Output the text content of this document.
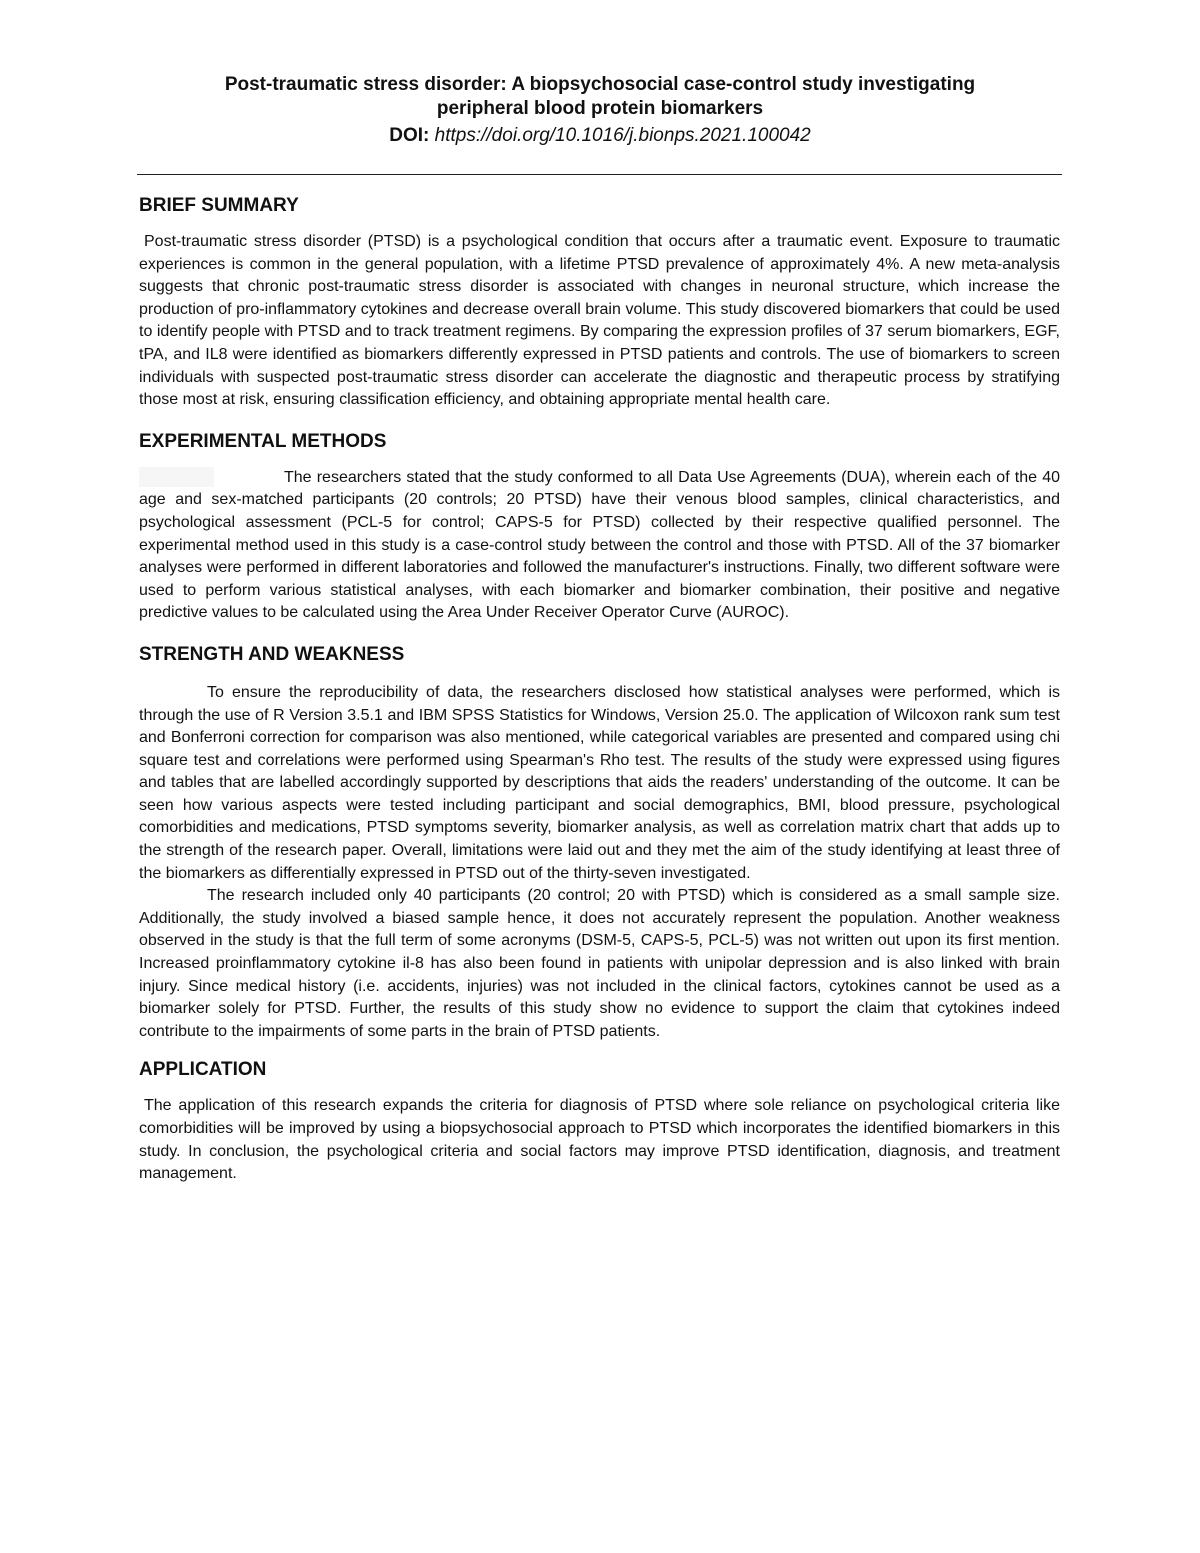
Post-traumatic stress disorder: A biopsychosocial case-control study investigating
peripheral blood protein biomarkers
DOI: https://doi.org/10.1016/j.bionps.2021.100042
BRIEF SUMMARY

Post-traumatic stress disorder (PTSD) is a psychological condition that occurs after a traumatic event. Exposure to traumatic experiences is common in the general population, with a lifetime PTSD prevalence of approximately 4%. A new meta-analysis suggests that chronic post-traumatic stress disorder is associated with changes in neuronal structure, which increase the production of pro-inflammatory cytokines and decrease overall brain volume. This study discovered biomarkers that could be used to identify people with PTSD and to track treatment regimens. By comparing the expression profiles of 37 serum biomarkers, EGF, tPA, and IL8 were identified as biomarkers differently expressed in PTSD patients and controls. The use of biomarkers to screen individuals with suspected post-traumatic stress disorder can accelerate the diagnostic and therapeutic process by stratifying those most at risk, ensuring classification efficiency, and obtaining appropriate mental health care.

EXPERIMENTAL METHODS

The researchers stated that the study conformed to all Data Use Agreements (DUA), wherein each of the 40 age and sex-matched participants (20 controls; 20 PTSD) have their venous blood samples, clinical characteristics, and psychological assessment (PCL-5 for control; CAPS-5 for PTSD) collected by their respective qualified personnel. The experimental method used in this study is a case-control study between the control and those with PTSD. All of the 37 biomarker analyses were performed in different laboratories and followed the manufacturer's instructions. Finally, two different software were used to perform various statistical analyses, with each biomarker and biomarker combination, their positive and negative predictive values to be calculated using the Area Under Receiver Operator Curve (AUROC).

STRENGTH AND WEAKNESS

To ensure the reproducibility of data, the researchers disclosed how statistical analyses were performed, which is through the use of R Version 3.5.1 and IBM SPSS Statistics for Windows, Version 25.0. The application of Wilcoxon rank sum test and Bonferroni correction for comparison was also mentioned, while categorical variables are presented and compared using chi square test and correlations were performed using Spearman's Rho test. The results of the study were expressed using figures and tables that are labelled accordingly supported by descriptions that aids the readers' understanding of the outcome. It can be seen how various aspects were tested including participant and social demographics, BMI, blood pressure, psychological comorbidities and medications, PTSD symptoms severity, biomarker analysis, as well as correlation matrix chart that adds up to the strength of the research paper. Overall, limitations were laid out and they met the aim of the study identifying at least three of the biomarkers as differentially expressed in PTSD out of the thirty-seven investigated.

The research included only 40 participants (20 control; 20 with PTSD) which is considered as a small sample size. Additionally, the study involved a biased sample hence, it does not accurately represent the population. Another weakness observed in the study is that the full term of some acronyms (DSM-5, CAPS-5, PCL-5) was not written out upon its first mention. Increased proinflammatory cytokine il-8 has also been found in patients with unipolar depression and is also linked with brain injury. Since medical history (i.e. accidents, injuries) was not included in the clinical factors, cytokines cannot be used as a biomarker solely for PTSD. Further, the results of this study show no evidence to support the claim that cytokines indeed contribute to the impairments of some parts in the brain of PTSD patients.

APPLICATION

The application of this research expands the criteria for diagnosis of PTSD where sole reliance on psychological criteria like comorbidities will be improved by using a biopsychosocial approach to PTSD which incorporates the identified biomarkers in this study. In conclusion, the psychological criteria and social factors may improve PTSD identification, diagnosis, and treatment management.
